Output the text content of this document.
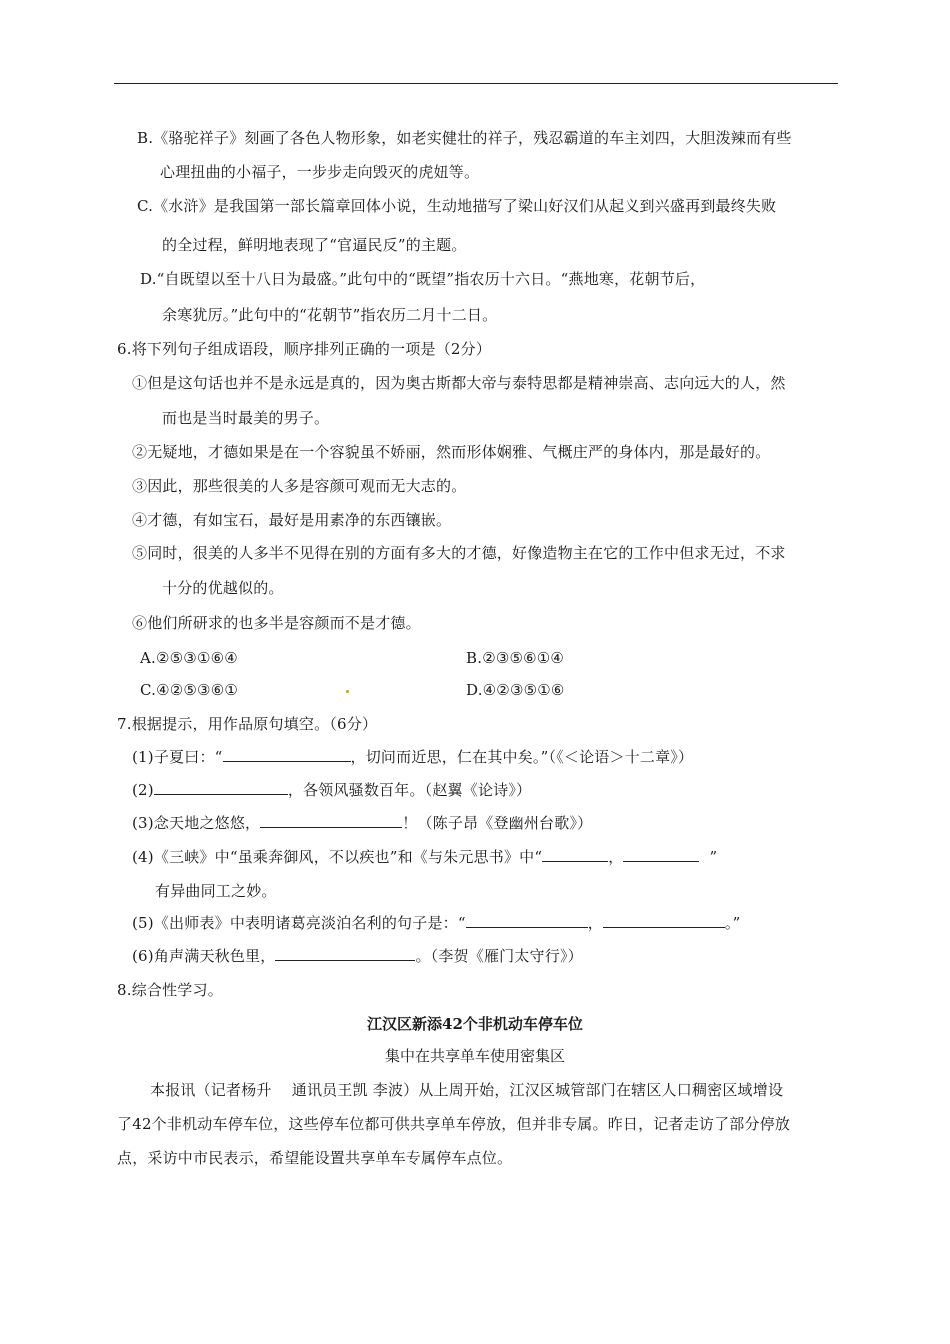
B.《骆驼祥子》刻画了各色人物形象，如老实健壮的祥子，残忍霸道的车主刘四，大胆泼辣而有些
心理扭曲的小福子，一步步走向毁灭的虎妞等。
C.《水浒》是我国第一部长篇章回体小说，生动地描写了梁山好汉们从起义到兴盛再到最终失败
的全过程，鲜明地表现了“官逼民反”的主题。
D.“自既望以至十八日为最盛。”此句中的“既望”指农历十六日。“燕地寒，花朝节后，
余寒犹厉。”此句中的“花朝节”指农历二月十二日。
6.将下列句子组成语段，顺序排列正确的一项是（2分）
①但是这句话也并不是永远是真的，因为奥古斯都大帝与泰特思都是精神崇高、志向远大的人，然
而也是当时最美的男子。
②无疑地，才德如果是在一个容貌虽不娇丽，然而形体娴雅、气概庄严的身体内，那是最好的。
③因此，那些很美的人多是容颜可观而无大志的。
④才德，有如宝石，最好是用素净的东西镶嵌。
⑤同时，很美的人多半不见得在别的方面有多大的才德，好像造物主在它的工作中但求无过，不求
十分的优越似的。
⑥他们所研求的也多半是容颜而不是才德。
A.②⑤③①⑥④	B.②③⑤⑥①④
C.④②⑤③⑥①	D.④②③⑤①⑥
7.根据提示，用作品原句填空。（6分）
(1)子夏曰：“	，切问而近思，仁在其中矣。”（《＜论语＞十二章》）
(2)	，各领风骚数百年。（赵翼《论诗》）
(3)念天地之悠悠，	！（陈子昂《登幽州台歌》）
(4)《三峡》中“虽乘奔御风，不以疾也”和《与朱元思书》中“	，	”
有异曲同工之妙。
(5)《出师表》中表明诸葛亮淡泊名利的句子是：“	，	。”
(6)角声满天秋色里，	。（李贺《雁门太守行》）
8.综合性学习。
江汉区新添42个非机动车停车位
集中在共享单车使用密集区
本报讯（记者杨升　 通讯员王凯 李波）从上周开始，江汉区城管部门在辖区人口稠密区域增设
了42个非机动车停车位，这些停车位都可供共享单车停放，但并非专属。昨日，记者走访了部分停放
点，采访中市民表示，希望能设置共享单车专属停车点位。
